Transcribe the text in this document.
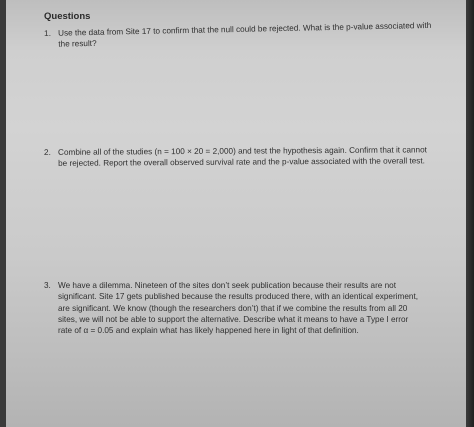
Questions
1. Use the data from Site 17 to confirm that the null could be rejected. What is the p-value associated with the result?
2. Combine all of the studies (n = 100 × 20 = 2,000) and test the hypothesis again. Confirm that it cannot be rejected. Report the overall observed survival rate and the p-value associated with the overall test.
3. We have a dilemma. Nineteen of the sites don’t seek publication because their results are not significant. Site 17 gets published because the results produced there, with an identical experiment, are significant. We know (though the researchers don’t) that if we combine the results from all 20 sites, we will not be able to support the alternative. Describe what it means to have a Type I error rate of α = 0.05 and explain what has likely happened here in light of that definition.
